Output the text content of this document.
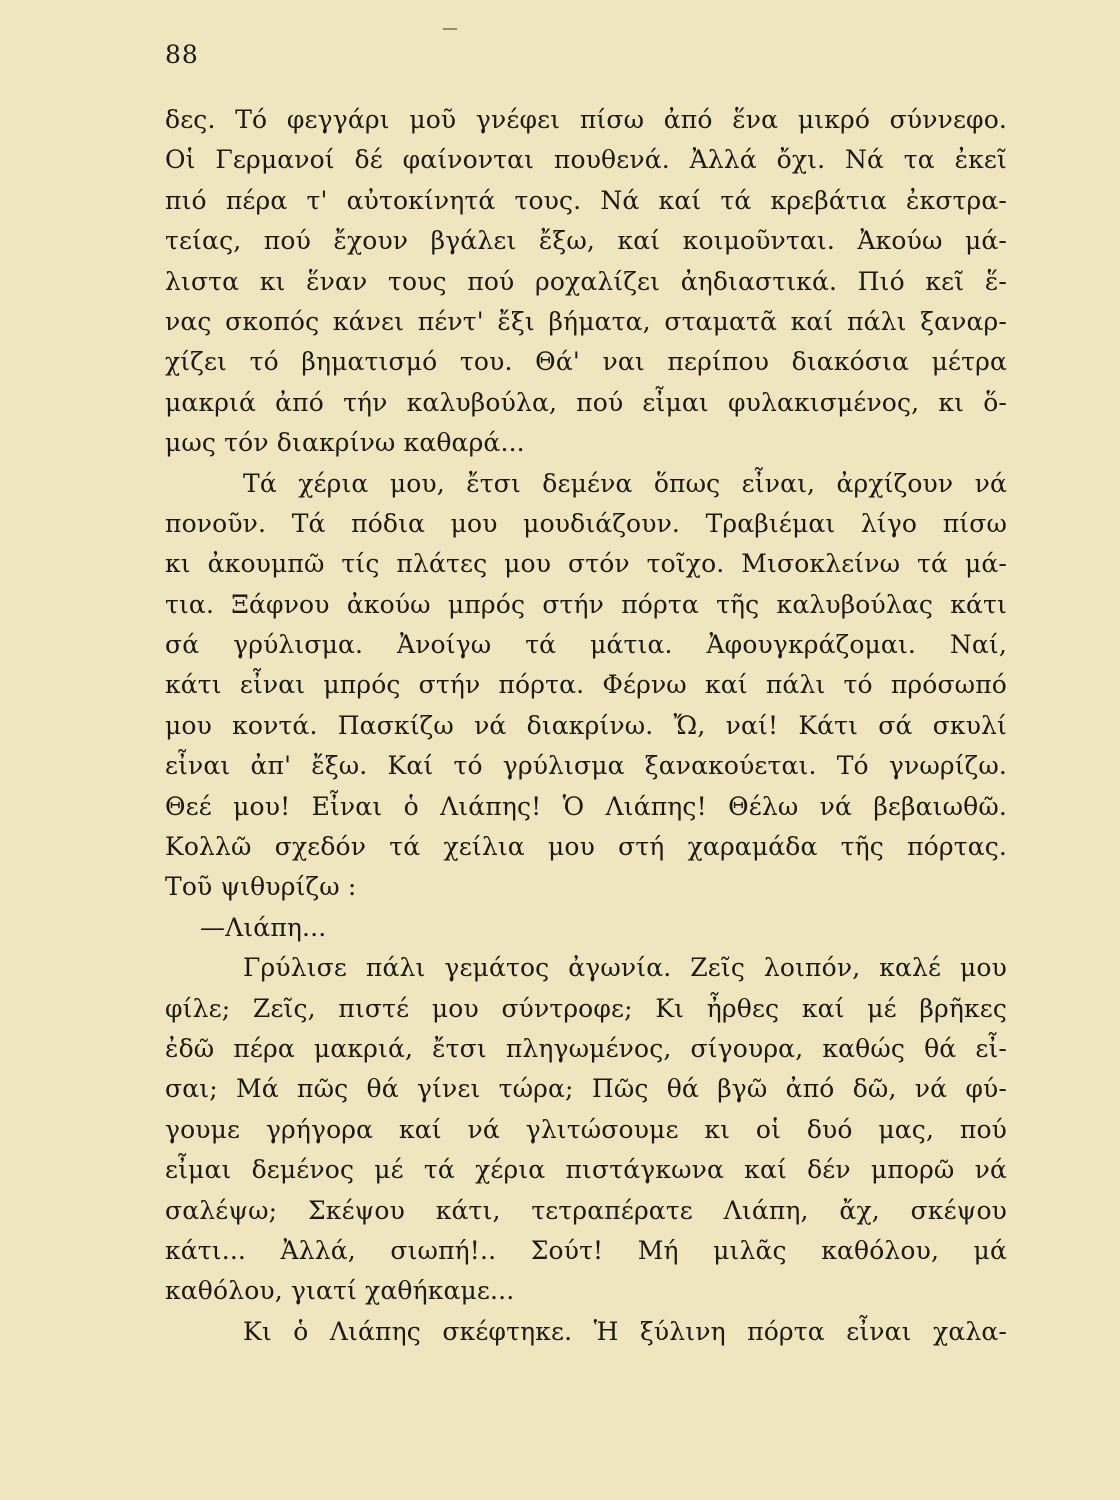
88
δες. Τό φεγγάρι μοῦ γνέφει πίσω ἀπό ἕνα μικρό σύννεφο.
Οἱ Γερμανοί δέ φαίνονται πουθενά. Ἀλλά ὄχι. Νά τα ἐκεῖ
πιό πέρα τ' αὐτοκίνητά τους. Νά καί τά κρεβάτια ἐκστρα-
τείας, πού ἔχουν βγάλει ἔξω, καί κοιμοῦνται. Ἀκούω μά-
λιστα κι ἕναν τους πού ροχαλίζει ἀηδιαστικά. Πιό κεῖ ἕ-
νας σκοπός κάνει πέντ' ἔξι βήματα, σταματᾶ καί πάλι ξαναρ-
χίζει τό βηματισμό του. Θά' ναι περίπου διακόσια μέτρα
μακριά ἀπό τήν καλυβούλα, πού εἶμαι φυλακισμένος, κι ὅ-
μως τόν διακρίνω καθαρά...
Τά χέρια μου, ἔτσι δεμένα ὅπως εἶναι, ἀρχίζουν νά
πονοῦν. Τά πόδια μου μουδιάζουν. Τραβιέμαι λίγο πίσω
κι ἀκουμπῶ τίς πλάτες μου στόν τοῖχο. Μισοκλείνω τά μά-
τια. Ξάφνου ἀκούω μπρός στήν πόρτα τῆς καλυβούλας κάτι
σά γρύλισμα. Ἀνοίγω τά μάτια. Ἀφουγκράζομαι. Ναί,
κάτι εἶναι μπρός στήν πόρτα. Φέρνω καί πάλι τό πρόσωπό
μου κοντά. Πασκίζω νά διακρίνω. Ὤ, ναί! Κάτι σά σκυλί
εἶναι ἀπ' ἔξω. Καί τό γρύλισμα ξανακούεται. Τό γνωρίζω.
Θεέ μου! Εἶναι ὁ Λιάπης! Ὁ Λιάπης! Θέλω νά βεβαιωθῶ.
Κολλῶ σχεδόν τά χείλια μου στή χαραμάδα τῆς πόρτας.
Τοῦ ψιθυρίζω :
—Λιάπη...
Γρύλισε πάλι γεμάτος ἀγωνία. Ζεῖς λοιπόν, καλέ μου
φίλε; Ζεῖς, πιστέ μου σύντροφε; Κι ἦρθες καί μέ βρῆκες
ἐδῶ πέρα μακριά, ἔτσι πληγωμένος, σίγουρα, καθώς θά εἶ-
σαι; Μά πῶς θά γίνει τώρα; Πῶς θά βγῶ ἀπό δῶ, νά φύ-
γουμε γρήγορα καί νά γλιτώσουμε κι οἱ δυό μας, πού
εἶμαι δεμένος μέ τά χέρια πιστάγκωνα καί δέν μπορῶ νά
σαλέψω; Σκέψου κάτι, τετραπέρατε Λιάπη, ἄχ, σκέψου
κάτι... Ἀλλά, σιωπή!.. Σούτ! Μή μιλᾶς καθόλου, μά
καθόλου, γιατί χαθήκαμε...
Κι ὁ Λιάπης σκέφτηκε. Ἡ ξύλινη πόρτα εἶναι χαλα-
